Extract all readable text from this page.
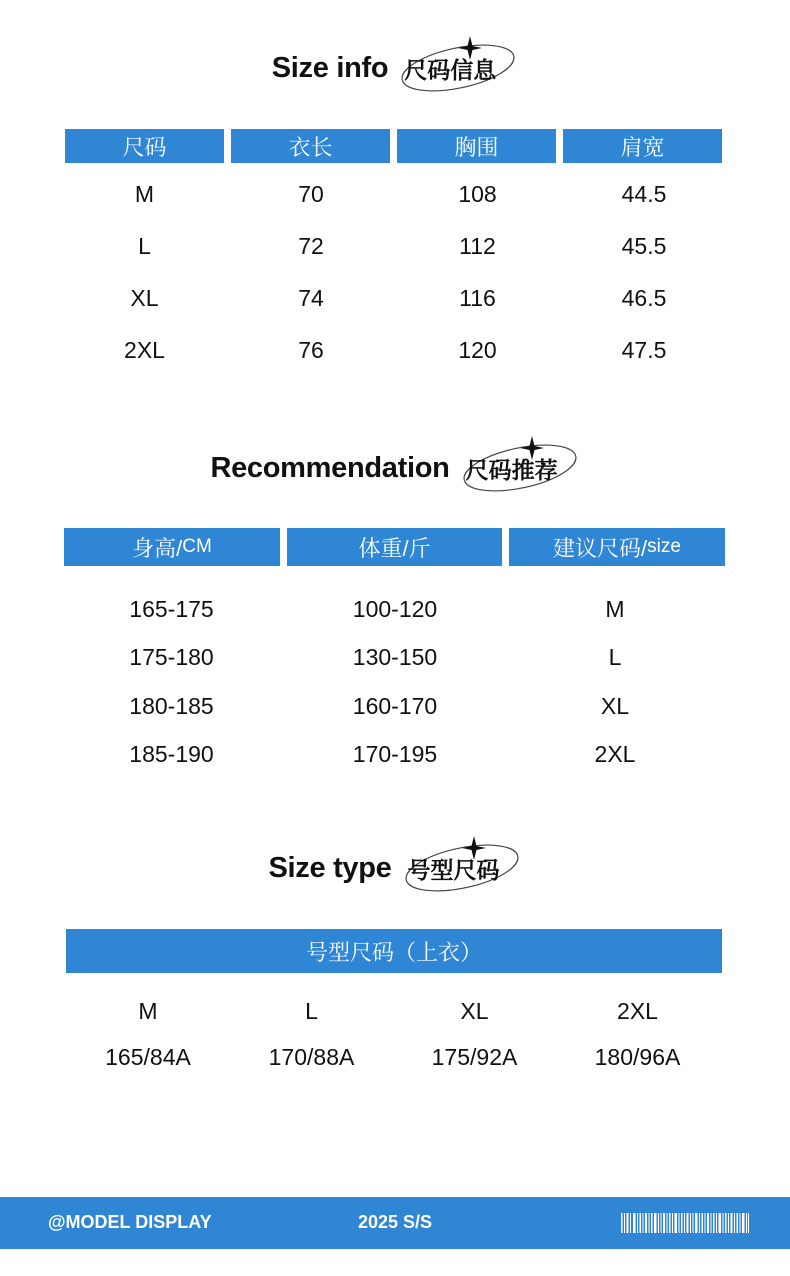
Size info 尺码信息
尺码	衣长	胸围	肩宽
M	70	108	44.5
L	72	112	45.5
XL	74	116	46.5
2XL	76	120	47.5
Recommendation 尺码推荐
身高/ CM	体重/斤	建议尺码/ size
165-175	100-120	M
175-180	130-150	L
180-185	160-170	XL
185-190	170-195	2XL
Size type 号型尺码
号型尺码（上衣）
M	L	XL	2XL
165/84A	170/88A	175/92A	180/96A
@MODEL DISPLAY	2025 S/S
